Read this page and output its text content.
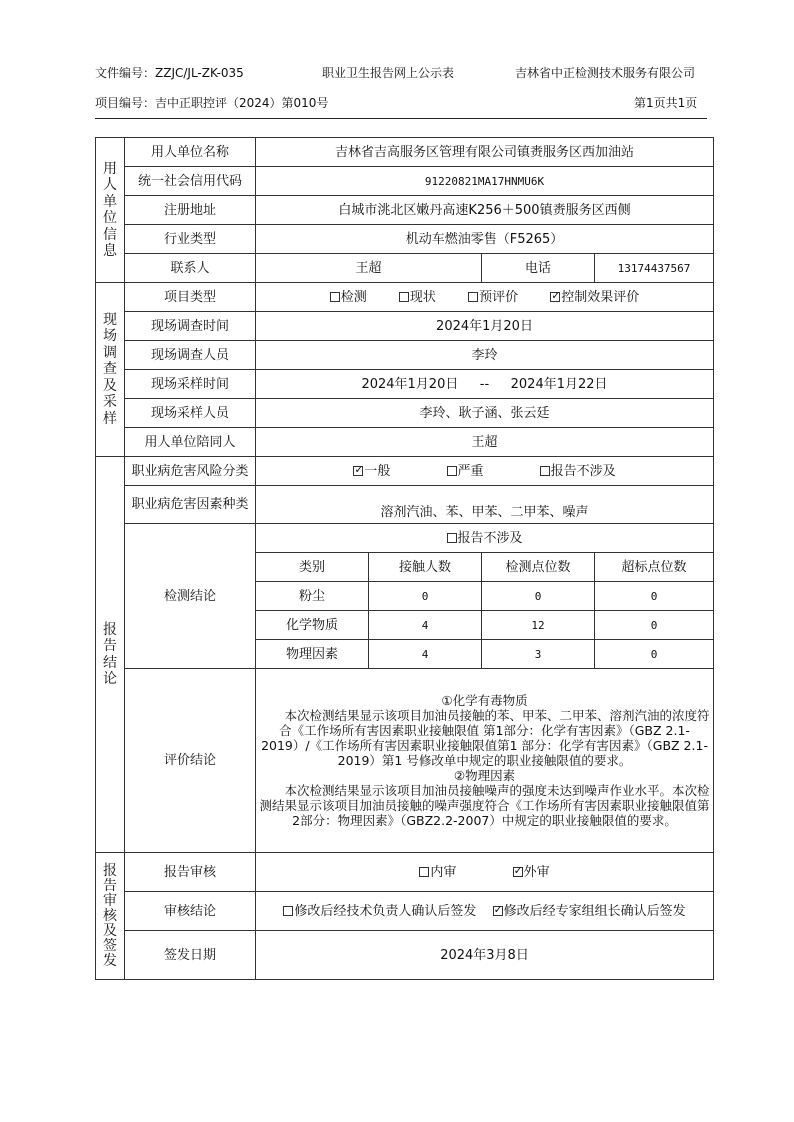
文件编号：ZZJC/JL-ZK-035	职业卫生报告网上公示表	吉林省中正检测技术服务有限公司
项目编号：吉中正职控评（2024）第010号	第1页共1页
用人单位信息	用人单位名称	吉林省吉高服务区管理有限公司镇赉服务区西加油站			
	统一社会信用代码	91220821MA17HNMU6K			
	注册地址	白城市洮北区嫩丹高速K256＋500镇赉服务区西侧			
	行业类型	机动车燃油零售（F5265）			
	联系人	王超		电话	13174437567
现场调查及采样	项目类型	检测 现状 预评价 ✓ 控制效果评价
	现场调查时间	2024年1月20日			
	现场调查人员	李玲			
	现场采样时间	2024年1月20日 -- 2024年1月22日			
	现场采样人员	李玲、耿子涵、张云廷			
	用人单位陪同人	王超			
报告结论	职业病危害风险分类	✓一般 严重 报告不涉及
	职业病危害因素种类	溶剂汽油、苯、甲苯、二甲苯、噪声			
	检测结论	报告不涉及			
		类别	接触人数	检测点位数	超标点位数
		粉尘	0	0	0
		化学物质	4	12	0
		物理因素	4	3	0
	评价结论	①化学有毒物质
本次检测结果显示该项目加油员接触的苯、甲苯、二甲苯、溶剂汽油的浓度符合《工作场所有害因素职业接触限值 第1部分：化学有害因素》（GBZ 2.1-2019）/《工作场所有害因素职业接触限值第1 部分：化学有害因素》（GBZ 2.1-2019）第1 号修改单中规定的职业接触限值的要求。
②物理因素
本次检测结果显示该项目加油员接触噪声的强度未达到噪声作业水平。本次检测结果显示该项目加油员接触的噪声强度符合《工作场所有害因素职业接触限值第2部分：物理因素》（GBZ2.2-2007）中规定的职业接触限值的要求。			

报告审核及签发	报告审核	内审 ✓ 外审
	审核结论	修改后经技术负责人确认后签发 ✓ 修改后经专家组组长确认后签发
	签发日期	2024年3月8日			
